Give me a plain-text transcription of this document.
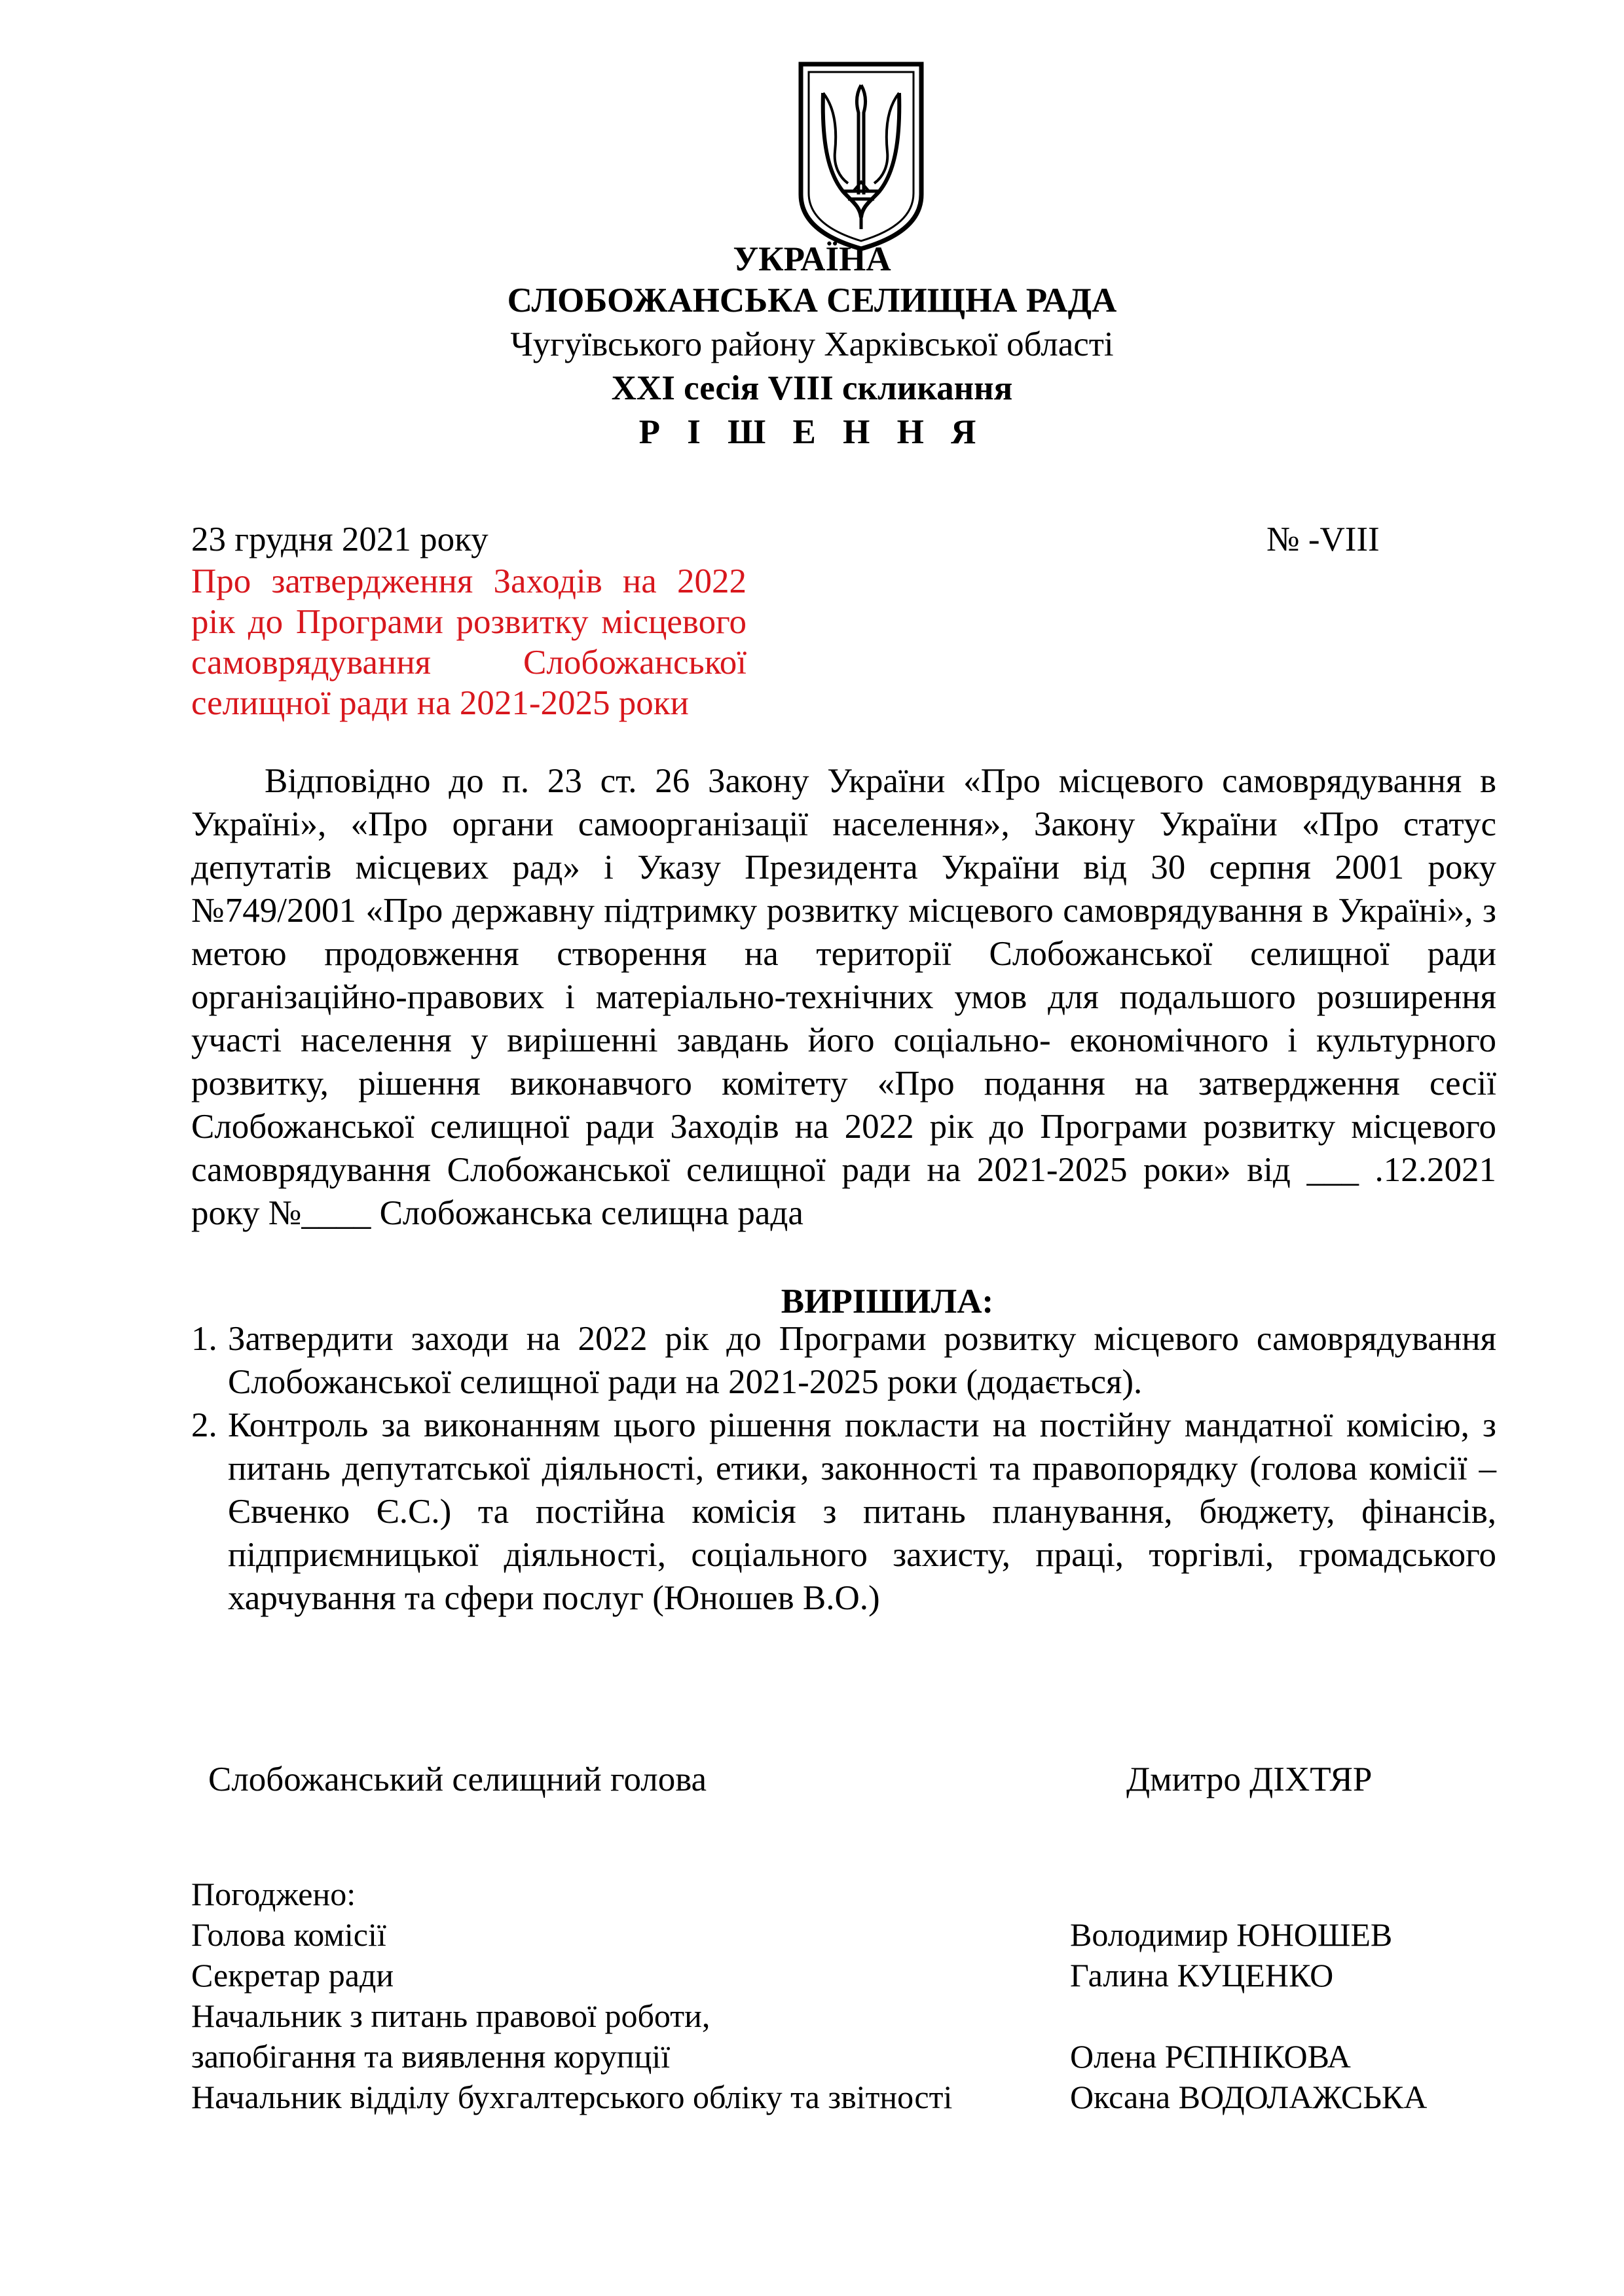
УКРАЇНА
СЛОБОЖАНСЬКА СЕЛИЩНА РАДА
Чугуївського району Харківської області
XXI сесія VIII скликання
Р І Ш Е Н Н Я
23 грудня 2021 року	№ -VIII
Про затвердження Заходів на 2022
рік до Програми розвитку місцевого
самоврядування Слобожанської
селищної ради на 2021-2025 роки
Відповідно до п. 23 ст. 26 Закону України «Про місцевого самоврядування в Україні», «Про органи самоорганізації населення», Закону України «Про статус депутатів місцевих рад» і Указу Президента України від 30 серпня 2001 року №749/2001 «Про державну підтримку розвитку місцевого самоврядування в Україні», з метою продовження створення на території Слобожанської селищної ради організаційно-правових і матеріально-технічних умов для подальшого розширення участі населення у вирішенні завдань його соціально- економічного і культурного розвитку, рішення виконавчого комітету «Про подання на затвердження сесії Слобожанської селищної ради Заходів на 2022 рік до Програми розвитку місцевого самоврядування Слобожанської селищної ради на 2021-2025 роки» від ___ .12.2021 року №____ Слобожанська селищна рада
ВИРІШИЛА:
1. Затвердити заходи на 2022 рік до Програми розвитку місцевого самоврядування Слобожанської селищної ради на 2021-2025 роки (додається).
2. Контроль за виконанням цього рішення покласти на постійну мандатної комісію, з питань депутатської діяльності, етики, законності та правопорядку (голова комісії – Євченко Є.С.) та постійна комісія з питань планування, бюджету, фінансів, підприємницької діяльності, соціального захисту, праці, торгівлі, громадського харчування та сфери послуг (Юношев В.О.)
Слобожанський селищний голова	Дмитро ДІХТЯР
Погоджено:
Голова комісії	Володимир ЮНОШЕВ
Секретар ради	Галина КУЦЕНКО
Начальник з питань правової роботи,
запобігання та виявлення корупції	Олена РЄПНІКОВА
Начальник відділу бухгалтерського обліку та звітності	Оксана ВОДОЛАЖСЬКА
